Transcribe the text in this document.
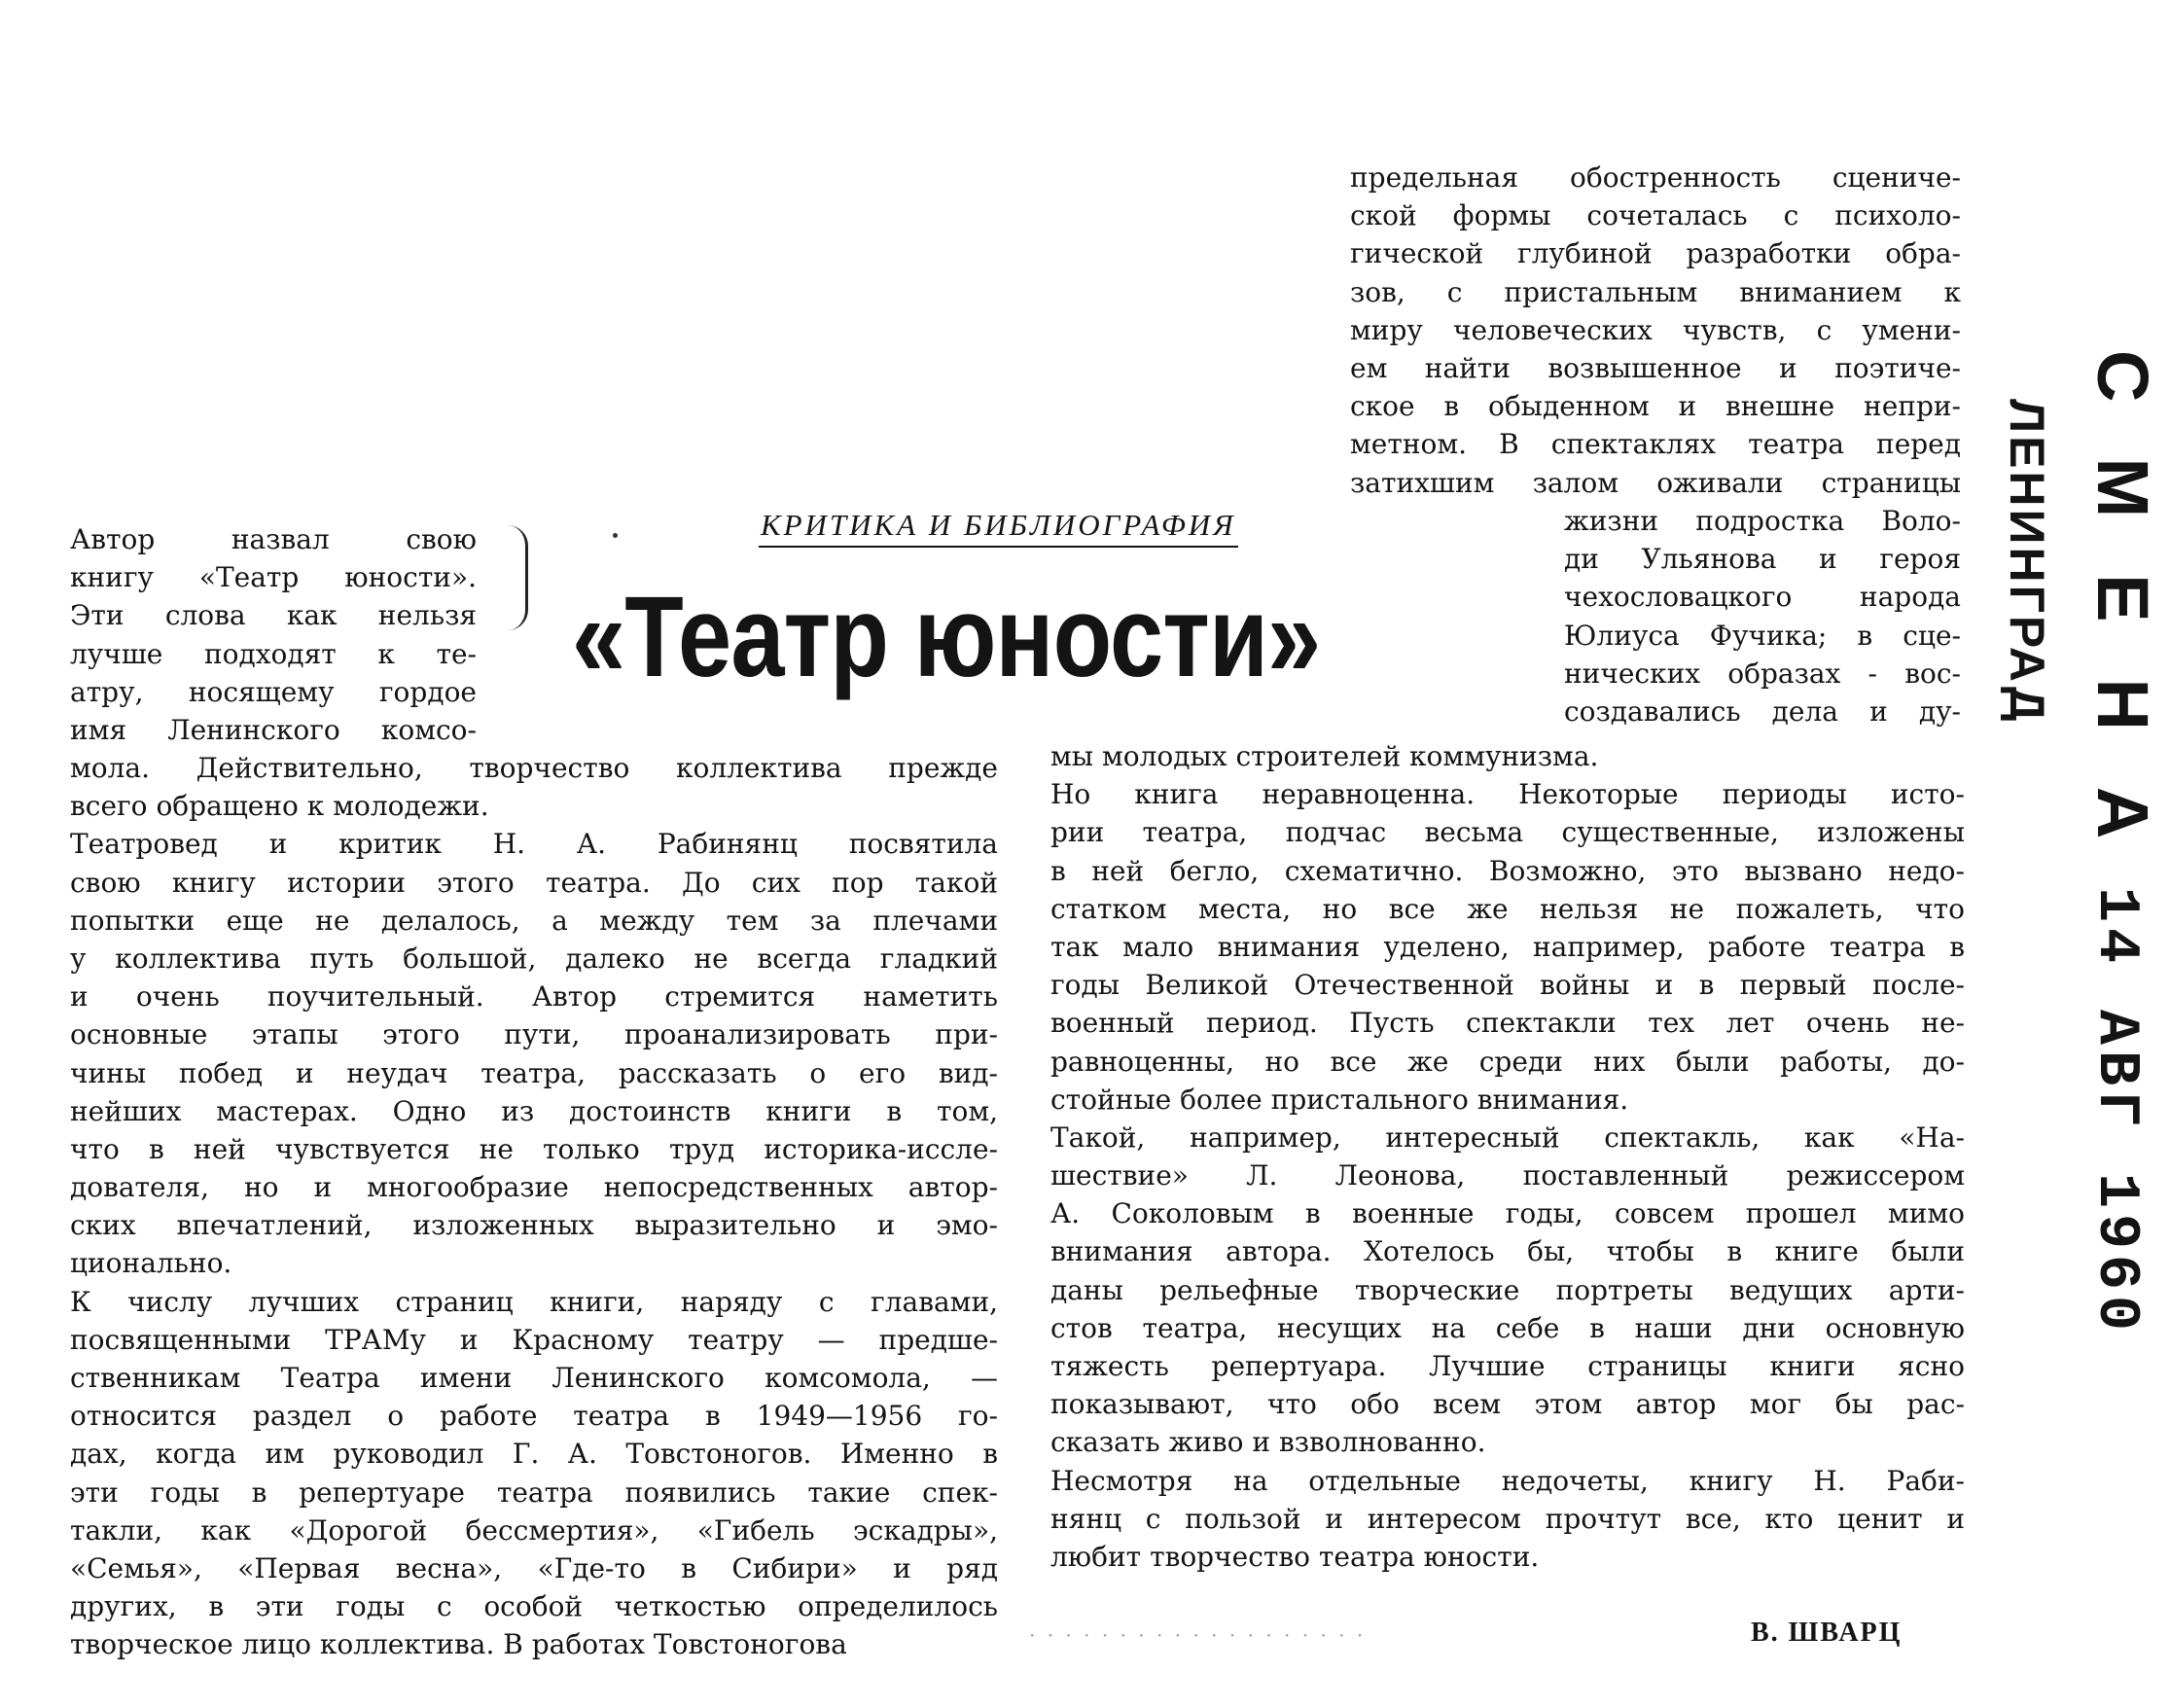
КРИТИКА И БИБЛИОГРАФИЯ
«Театр юности»
предельная обостренность сцениче-
ской формы сочеталась с психоло-
гической глубиной разработки обра-
зов, с пристальным вниманием к
миру человеческих чувств, с умени-
ем найти возвышенное и поэтиче-
ское в обыденном и внешне непри-
метном. В спектаклях театра перед
затихшим залом оживали страницы
жизни подростка Воло-
ди Ульянова и героя
чехословацкого народа
Юлиуса Фучика; в сце-
нических образах - вос-
создавались дела и ду-
Автор назвал свою
книгу «Театр юности».
Эти слова как нельзя
лучше подходят к те-
атру, носящему гордое
имя Ленинского комсо-
мола. Действительно, творчество коллектива прежде
всего обращено к молодежи.
Театровед и критик Н. А. Рабинянц посвятила
свою книгу истории этого театра. До сих пор такой
попытки еще не делалось, а между тем за плечами
у коллектива путь большой, далеко не всегда гладкий
и очень поучительный. Автор стремится наметить
основные этапы этого пути, проанализировать при-
чины побед и неудач театра, рассказать о его вид-
нейших мастерах. Одно из достоинств книги в том,
что в ней чувствуется не только труд историка-иссле-
дователя, но и многообразие непосредственных автор-
ских впечатлений, изложенных выразительно и эмо-
ционально.
К числу лучших страниц книги, наряду с главами,
посвященными ТРАМу и Красному театру — предше-
ственникам Театра имени Ленинского комсомола, —
относится раздел о работе театра в 1949—1956 го-
дах, когда им руководил Г. А. Товстоногов. Именно в
эти годы в репертуаре театра появились такие спек-
такли, как «Дорогой бессмертия», «Гибель эскадры»,
«Семья», «Первая весна», «Где-то в Сибири» и ряд
других, в эти годы с особой четкостью определилось
творческое лицо коллектива. В работах Товстоногова
мы молодых строителей коммунизма.
Но книга неравноценна. Некоторые периоды исто-
рии театра, подчас весьма существенные, изложены
в ней бегло, схематично. Возможно, это вызвано недо-
статком места, но все же нельзя не пожалеть, что
так мало внимания уделено, например, работе театра в
годы Великой Отечественной войны и в первый после-
военный период. Пусть спектакли тех лет очень не-
равноценны, но все же среди них были работы, до-
стойные более пристального внимания.
Такой, например, интересный спектакль, как «На-
шествие» Л. Леонова, поставленный режиссером
А. Соколовым в военные годы, совсем прошел мимо
внимания автора. Хотелось бы, чтобы в книге были
даны рельефные творческие портреты ведущих арти-
стов театра, несущих на себе в наши дни основную
тяжесть репертуара. Лучшие страницы книги ясно
показывают, что обо всем этом автор мог бы рас-
сказать живо и взволнованно.
Несмотря на отдельные недочеты, книгу Н. Раби-
нянц с пользой и интересом прочтут все, кто ценит и
любит творчество театра юности.
· · · · · · · · · · · · · · · · · · ·	В. ШВАРЦ
СМЕНА
ЛЕНИНГРАД
14 АВГ 1960
